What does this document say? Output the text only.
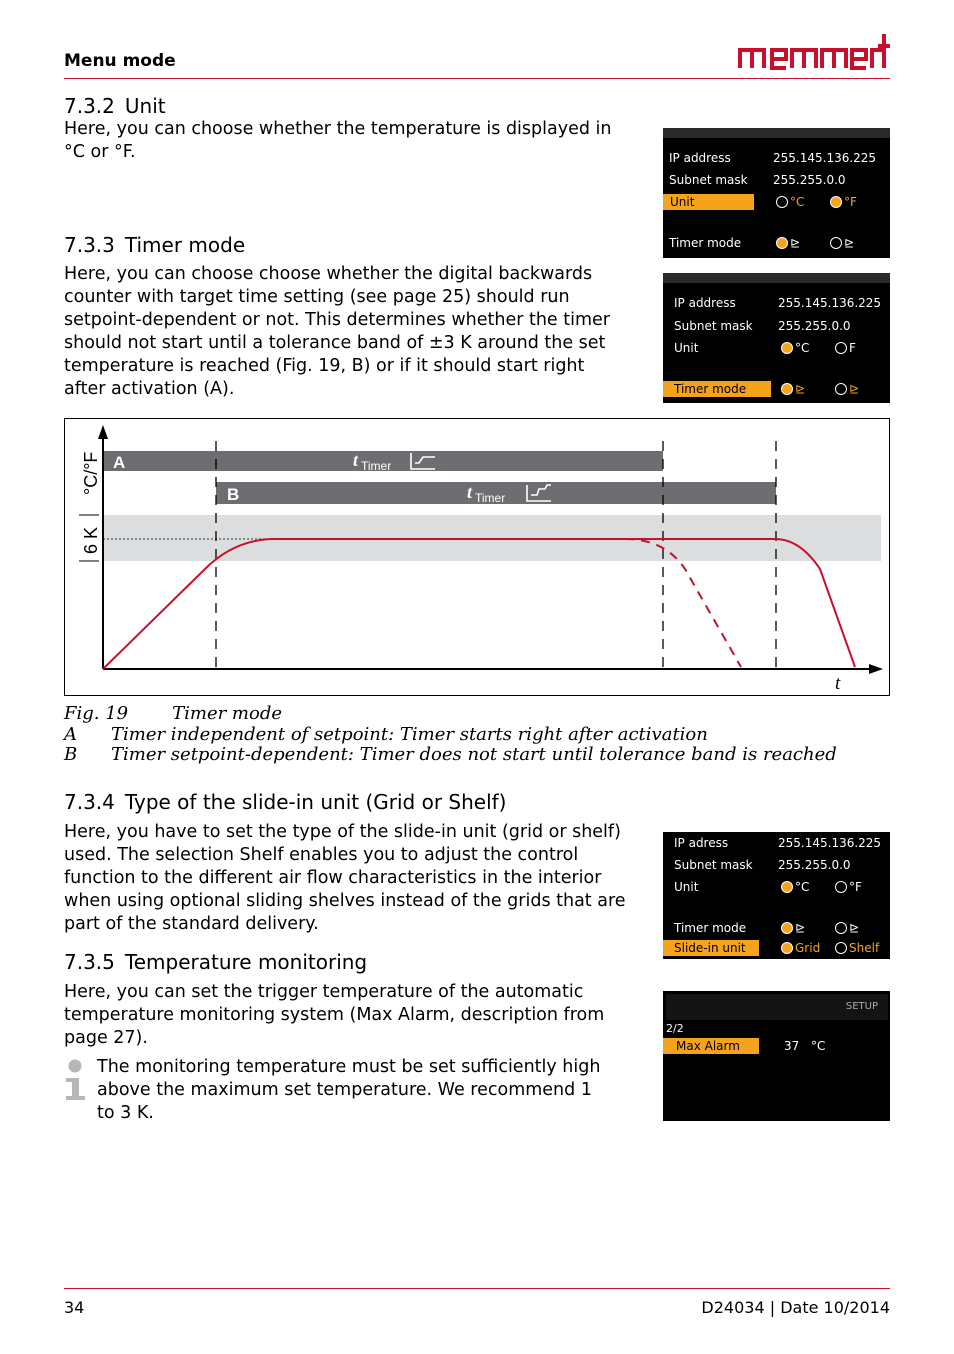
Menu mode
7.3.2 Unit
Here, you can choose whether the temperature is displayed in °C or °F.	IP address	255.145.136.225
Subnet mask 255.255.0.0
Unit	°C	°F
Timer mode	⊵	⊵
7.3.3 Timer mode
Here, you can choose choose whether the digital backwards counter with target time setting (see page 25) should run setpoint-dependent or not. This determines whether the timer should not start until a tolerance band of ±3 K around the set temperature is reached (Fig. 19, B) or if it should start right after activation (A).
IP address	255.145.136.225
Subnet mask 255.255.0.0
Unit	°C	F
Timer mode	⊵	⊵
A
B
t Timer
t Timer
°C/°F
6 K
t
Fig. 19 Timer mode
A Timer independent of setpoint: Timer starts right after activation
B Timer setpoint-dependent: Timer does not start until tolerance band is reached
7.3.4 Type of the slide-in unit (Grid or Shelf)
Here, you have to set the type of the slide-in unit (grid or shelf) used. The selection Shelf enables you to adjust the control function to the different air flow characteristics in the interior when using optional sliding shelves instead of the grids that are part of the standard delivery.
IP adress	255.145.136.225
Subnet mask 255.255.0.0
Unit	°C	°F
Timer mode	⊵	⊵
Slide-in unit	Grid	Shelf
7.3.5 Temperature monitoring
Here, you can set the trigger temperature of the automatic temperature monitoring system (Max Alarm, description from page 27).
The monitoring temperature must be set sufficiently high above the maximum set temperature. We recommend 1 to 3 K.
SETUP
2/2
Max Alarm	37 °C
34	D24034 | Date 10/2014
